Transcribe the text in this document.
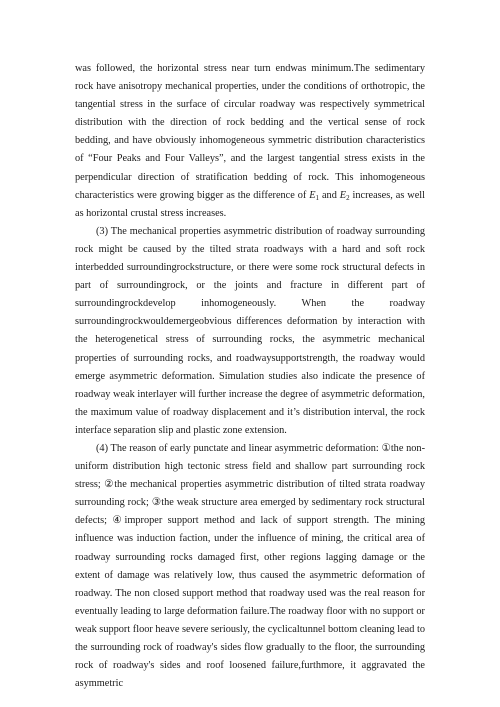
was followed, the horizontal stress near turn endwas minimum.The sedimentary rock have anisotropy mechanical properties, under the conditions of orthotropic, the tangential stress in the surface of circular roadway was respectively symmetrical distribution with the direction of rock bedding and the vertical sense of rock bedding, and have obviously inhomogeneous symmetric distribution characteristics of “Four Peaks and Four Valleys”, and the largest tangential stress exists in the perpendicular direction of stratification bedding of rock. This inhomogeneous characteristics were growing bigger as the difference of E1 and E2 increases, as well as horizontal crustal stress increases.

(3) The mechanical properties asymmetric distribution of roadway surrounding rock might be caused by the tilted strata roadways with a hard and soft rock interbedded surroundingrockstructure, or there were some rock structural defects in part of surroundingrock, or the joints and fracture in different part of surroundingrockdevelop inhomogeneously. When the roadway surroundingrockwouldemergeobvious differences deformation by interaction with the heterogenetical stress of surrounding rocks, the asymmetric mechanical properties of surrounding rocks, and roadwaysupportstrength, the roadway would emerge asymmetric deformation. Simulation studies also indicate the presence of roadway weak interlayer will further increase the degree of asymmetric deformation, the maximum value of roadway displacement and it’s distribution interval, the rock interface separation slip and plastic zone extension.

(4) The reason of early punctate and linear asymmetric deformation: ①the non-uniform distribution high tectonic stress field and shallow part surrounding rock stress; ②the mechanical properties asymmetric distribution of tilted strata roadway surrounding rock; ③the weak structure area emerged by sedimentary rock structural defects; ④improper support method and lack of support strength. The mining influence was induction faction, under the influence of mining, the critical area of roadway surrounding rocks damaged first, other regions lagging damage or the extent of damage was relatively low, thus caused the asymmetric deformation of roadway. The non closed support method that roadway used was the real reason for eventually leading to large deformation failure.The roadway floor with no support or weak support floor heave severe seriously, the cyclicaltunnel bottom cleaning lead to the surrounding rock of roadway's sides flow gradually to the floor, the surrounding rock of roadway's sides and roof loosened failure,furthmore, it aggravated the asymmetric
